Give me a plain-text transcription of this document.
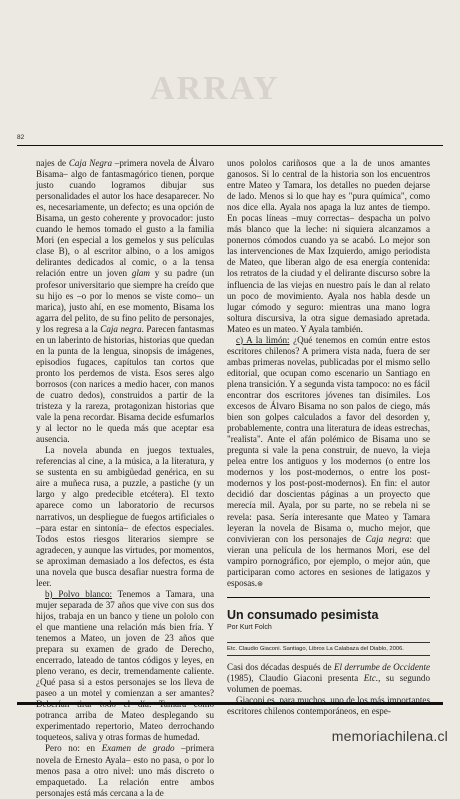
ARRAY
82

najes de Caja Negra –primera novela de Álvaro Bisama– algo de fantasmagórico tienen, porque justo cuando logramos dibujar sus personalidades el autor los hace desaparecer. No es, necesariamente, un defecto; es una opción de Bisama, un gesto coherente y provocador: justo cuando le hemos tomado el gusto a la familia Mori (en especial a los gemelos y sus películas clase B), o al escritor albino, o a los amigos delirantes dedicados al comic, o a la tensa relación entre un joven glam y su padre (un profesor universitario que siempre ha creído que su hijo es –o por lo menos se viste como– un marica), justo ahí, en ese momento, Bisama los agarra del pelito, de su fino pelito de personajes, y los regresa a la Caja negra. Parecen fantasmas en un laberinto de historias, historias que quedan en la punta de la lengua, sinopsis de imágenes, episodios fugaces, capítulos tan cortos que pronto los perdemos de vista. Esos seres algo borrosos (con narices a medio hacer, con manos de cuatro dedos), construidos a partir de la tristeza y la rareza, protagonizan historias que vale la pena recordar. Bisama decide esfumarlos y al lector no le queda más que aceptar esa ausencia.

La novela abunda en juegos textuales, referencias al cine, a la música, a la literatura, y se sustenta en su ambigüedad genérica, en su aire a muñeca rusa, a puzzle, a pastiche (y un largo y algo predecible etcétera). El texto aparece como un laboratorio de recursos narrativos, un despliegue de fuegos artificiales o –para estar en sintonía– de efectos especiales. Todos estos riesgos literarios siempre se agradecen, y aunque las virtudes, por momentos, se aproximan demasiado a los defectos, es ésta una novela que busca desafiar nuestra forma de leer.

b) Polvo blanco: Tenemos a Tamara, una mujer separada de 37 años que vive con sus dos hijos, trabaja en un banco y tiene un pololo con el que mantiene una relación más bien fría. Y tenemos a Mateo, un joven de 23 años que prepara su examen de grado de Derecho, encerrado, lateado de tantos códigos y leyes, en pleno verano, es decir, tremendamente caliente. ¿Qué pasa si a estos personajes se los lleva de paseo a un motel y comienzan a ser amantes? Deberían tirar todo el día: Tamara como potranca arriba de Mateo desplegando su experimentado repertorio, Mateo derrochando toqueteos, saliva y otras formas de humedad.

Pero no: en Examen de grado –primera novela de Ernesto Ayala– esto no pasa, o por lo menos pasa a otro nivel: uno más discreto o empaquetado. La relación entre ambos personajes está más cercana a la de

unos pololos cariñosos que a la de unos amantes ganosos. Si lo central de la historia son los encuentros entre Mateo y Tamara, los detalles no pueden dejarse de lado. Menos si lo que hay es "pura química", como nos dice ella. Ayala nos apaga la luz antes de tiempo. En pocas líneas –muy correctas– despacha un polvo más blanco que la leche: ni siquiera alcanzamos a ponernos cómodos cuando ya se acabó. Lo mejor son las intervenciones de Max Izquierdo, amigo periodista de Mateo, que liberan algo de esa energía contenida: los retratos de la ciudad y el delirante discurso sobre la influencia de las viejas en nuestro país le dan al relato un poco de movimiento. Ayala nos habla desde un lugar cómodo y seguro: mientras una mano logra soltura discursiva, la otra sigue demasiado apretada. Mateo es un mateo. Y Ayala también.

c) A la limón: ¿Qué tenemos en común entre estos escritores chilenos? A primera vista nada, fuera de ser ambas primeras novelas, publicadas por el mismo sello editorial, que ocupan como escenario un Santiago en plena transición. Y a segunda vista tampoco: no es fácil encontrar dos escritores jóvenes tan disímiles. Los excesos de Álvaro Bisama no son palos de ciego, más bien son golpes calculados a favor del desorden y, probablemente, contra una literatura de ideas estrechas, "realista". Ante el afán polémico de Bisama uno se pregunta si vale la pena construir, de nuevo, la vieja pelea entre los antiguos y los modernos (o entre los modernos y los post-modernos, o entre los post-modernos y los post-post-modernos). En fin: el autor decidió dar doscientas páginas a un proyecto que merecía mil. Ayala, por su parte, no se rebela ni se revela: pasa. Sería interesante que Mateo y Tamara leyeran la novela de Bisama o, mucho mejor, que convivieran con los personajes de Caja negra: que vieran una película de los hermanos Mori, ese del vampiro pornográfico, por ejemplo, o mejor aún, que participaran como actores en sesiones de latigazos y esposas.⊛

Un consumado pesimista
Por Kurt Folch
Etc. Claudio Giaconi. Santiago, Libros La Calabaza del Diablo, 2006.

Casi dos décadas después de El derrumbe de Occidente (1985), Claudio Giaconi presenta Etc., su segundo volumen de poemas.

Giaconi es, para muchos, uno de los más importantes escritores chilenos contemporáneos, en espe-

memoriachilena.cl
